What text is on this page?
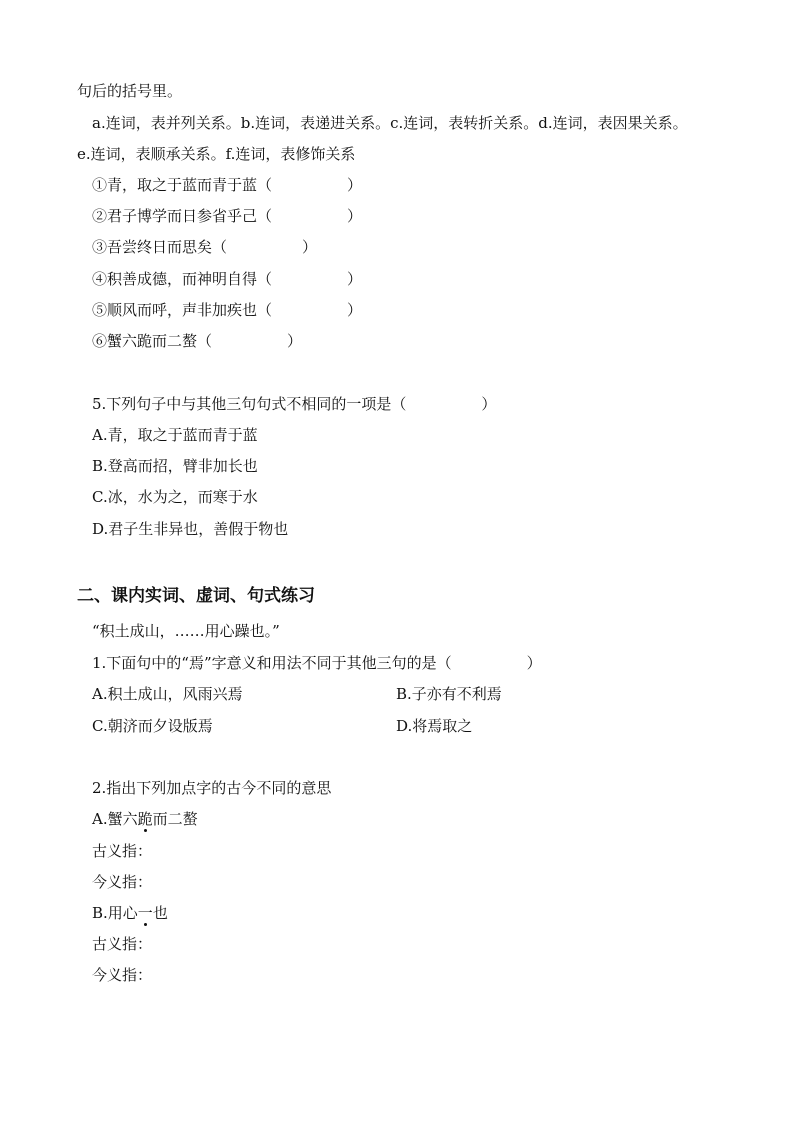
句后的括号里。
a.连词，表并列关系。b.连词，表递进关系。c.连词，表转折关系。d.连词，表因果关系。
e.连词，表顺承关系。f.连词，表修饰关系
①青，取之于蓝而青于蓝（　　　　　）
②君子博学而日参省乎己（　　　　　）
③吾尝终日而思矣（　　　　　）
④积善成德，而神明自得（　　　　　）
⑤顺风而呼，声非加疾也（　　　　　）
⑥蟹六跪而二螯（　　　　　）
5.下列句子中与其他三句句式不相同的一项是（　　　　　）
A.青，取之于蓝而青于蓝
B.登高而招，臂非加长也
C.冰，水为之，而寒于水
D.君子生非异也，善假于物也
二、课内实词、虚词、句式练习
“积土成山，……用心躁也。”
1.下面句中的“焉”字意义和用法不同于其他三句的是（　　　　　）
A.积土成山，风雨兴焉	B.子亦有不利焉
C.朝济而夕设版焉	D.将焉取之
2.指出下列加点字的古今不同的意思
A.蟹六跪而二螯
古义指：
今义指：
B.用心一也
古义指：
今义指：
